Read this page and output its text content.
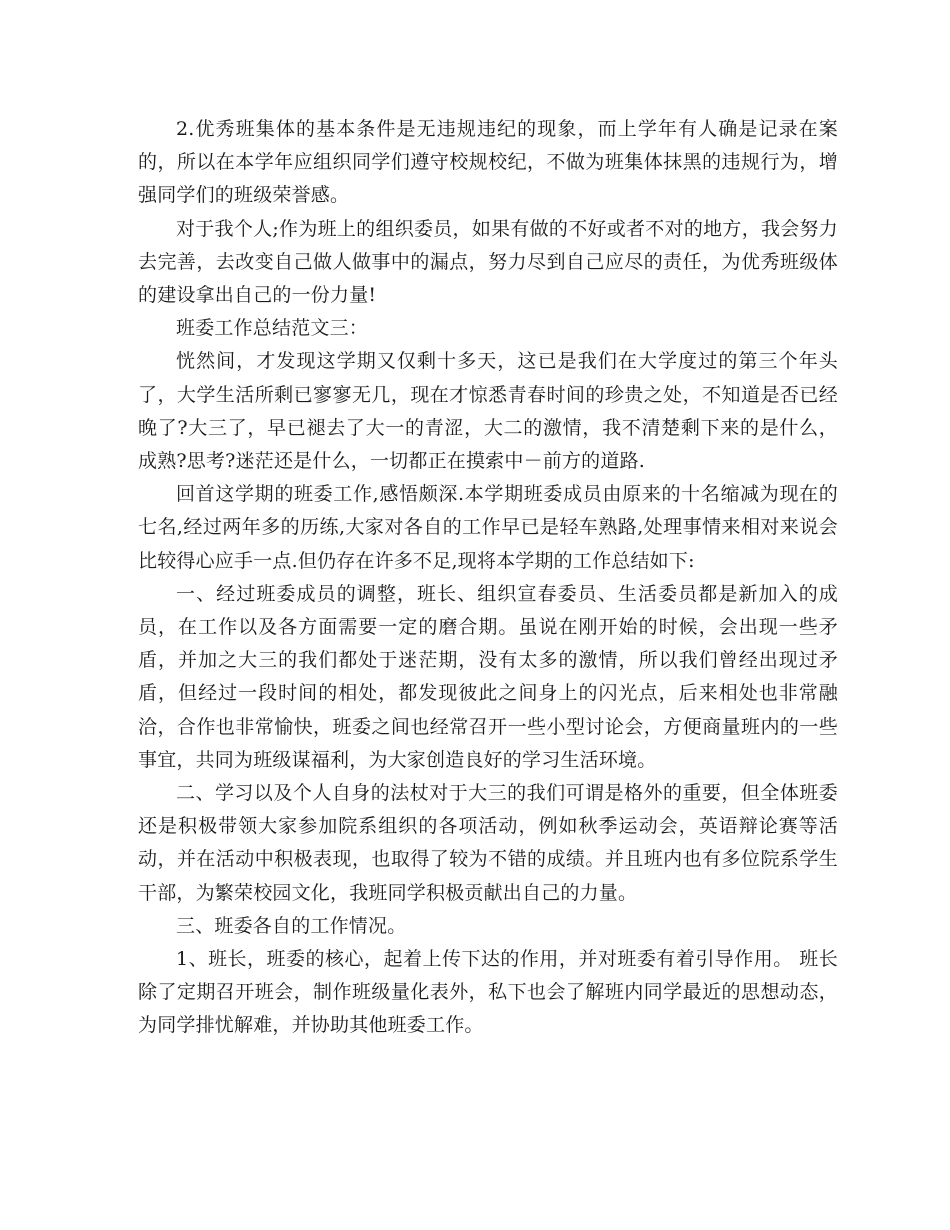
2.优秀班集体的基本条件是无违规违纪的现象，而上学年有人确是记录在案的，所以在本学年应组织同学们遵守校规校纪，不做为班集体抹黑的违规行为，增强同学们的班级荣誉感。

对于我个人;作为班上的组织委员，如果有做的不好或者不对的地方，我会努力去完善，去改变自己做人做事中的漏点，努力尽到自己应尽的责任，为优秀班级体的建设拿出自己的一份力量!

班委工作总结范文三：

恍然间，才发现这学期又仅剩十多天，这已是我们在大学度过的第三个年头了，大学生活所剩已寥寥无几，现在才惊悉青春时间的珍贵之处，不知道是否已经晚了?大三了，早已褪去了大一的青涩，大二的激情，我不清楚剩下来的是什么，成熟?思考?迷茫还是什么，一切都正在摸索中－前方的道路.

回首这学期的班委工作,感悟颇深.本学期班委成员由原来的十名缩减为现在的七名,经过两年多的历练,大家对各自的工作早已是轻车熟路,处理事情来相对来说会比较得心应手一点.但仍存在许多不足,现将本学期的工作总结如下:

一、经过班委成员的调整，班长、组织宣春委员、生活委员都是新加入的成员，在工作以及各方面需要一定的磨合期。虽说在刚开始的时候，会出现一些矛盾，并加之大三的我们都处于迷茫期，没有太多的激情，所以我们曾经出现过矛盾，但经过一段时间的相处，都发现彼此之间身上的闪光点，后来相处也非常融洽，合作也非常愉快，班委之间也经常召开一些小型讨论会，方便商量班内的一些事宜，共同为班级谋福利，为大家创造良好的学习生活环境。

二、学习以及个人自身的法杖对于大三的我们可谓是格外的重要，但全体班委还是积极带领大家参加院系组织的各项活动，例如秋季运动会，英语辩论赛等活动，并在活动中积极表现，也取得了较为不错的成绩。并且班内也有多位院系学生干部，为繁荣校园文化，我班同学积极贡献出自己的力量。

三、班委各自的工作情况。

1、班长，班委的核心，起着上传下达的作用，并对班委有着引导作用。 班长除了定期召开班会，制作班级量化表外，私下也会了解班内同学最近的思想动态，为同学排忧解难，并协助其他班委工作。
